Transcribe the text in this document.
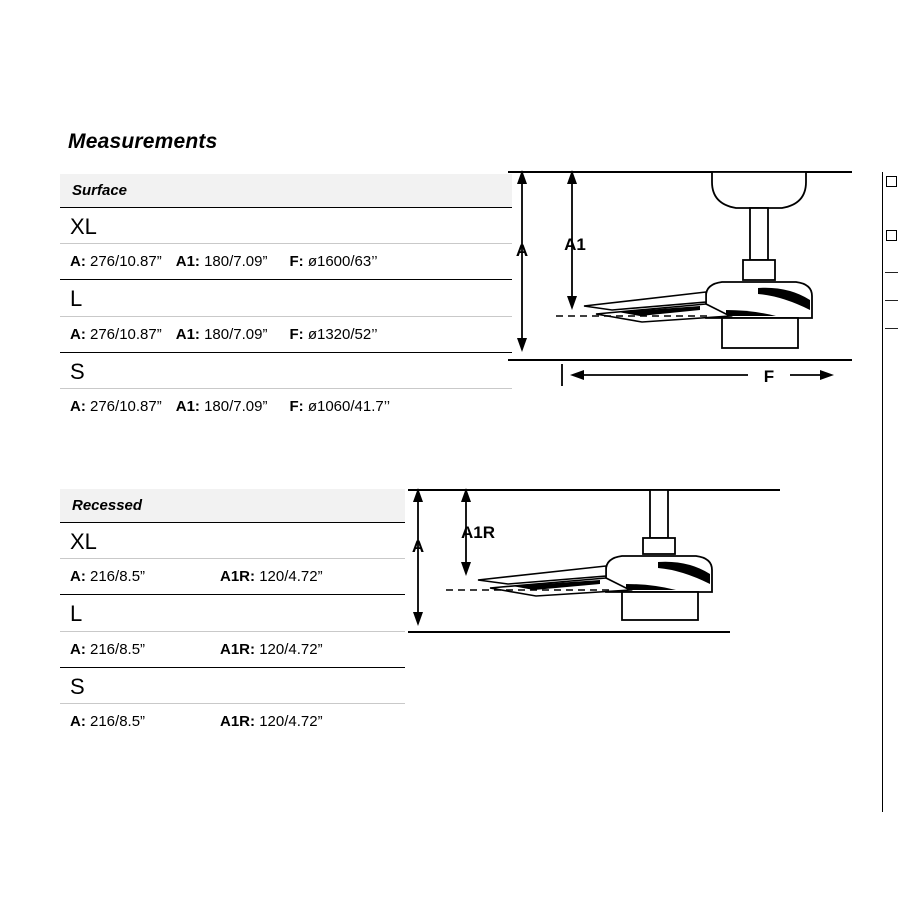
Measurements
Surface
XL
A: 276/10.87” A1: 180/7.09” F: ø1600/63’’
L
A: 276/10.87” A1: 180/7.09” F: ø1320/52’’
S
A: 276/10.87” A1: 180/7.09” F: ø1060/41.7’’
Recessed
XL
A: 216/8.5”	A1R: 120/4.72”
L
A: 216/8.5”	A1R: 120/4.72”
S
A: 216/8.5”	A1R: 120/4.72”
A A1
F
A
A1R
—
—
—
